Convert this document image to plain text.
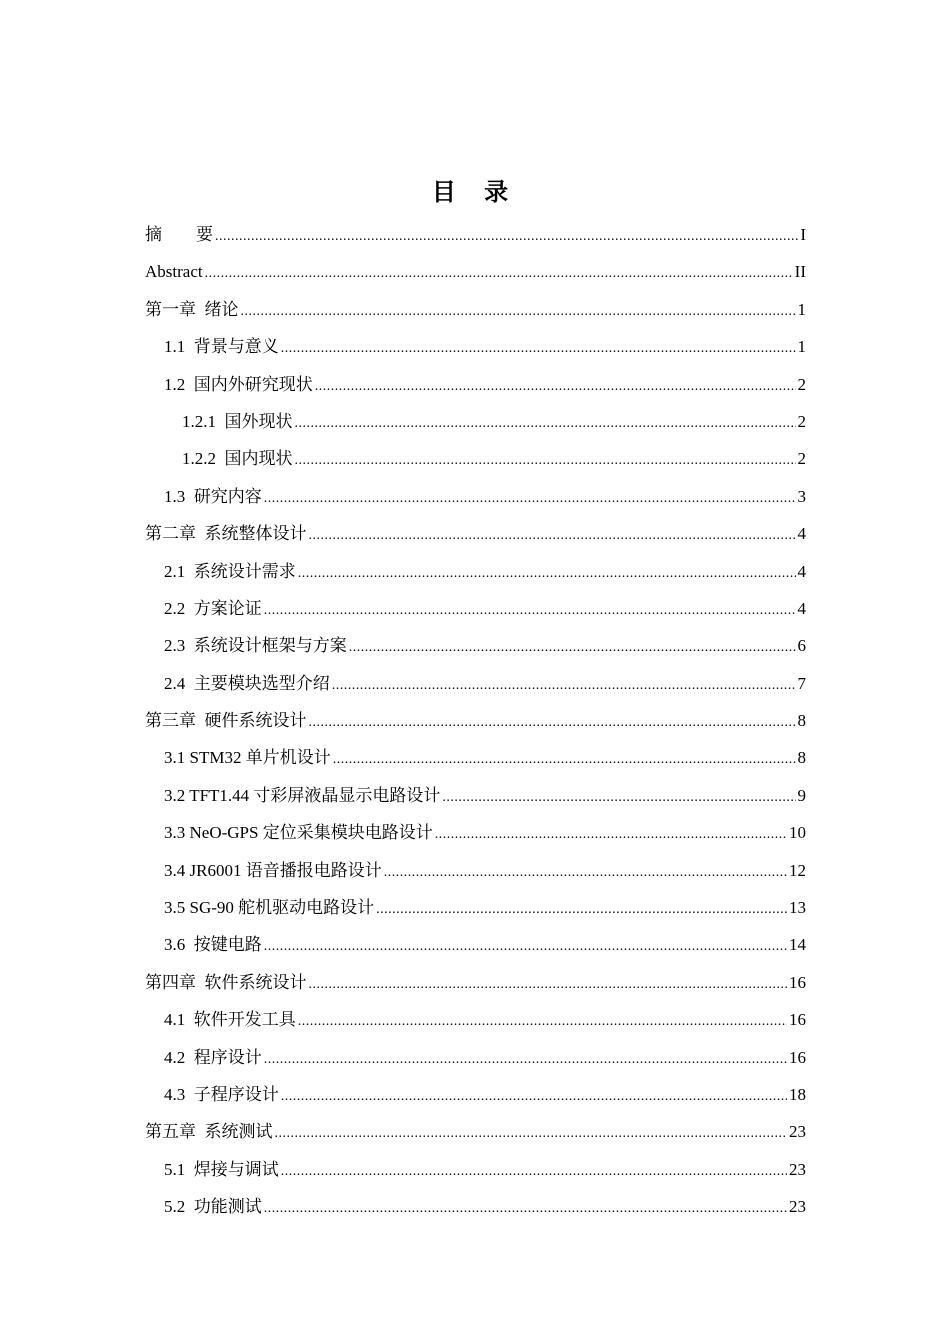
目 录
摘        要 .....	I
Abstract .....	II
第一章  绪论 .....	1
1.1  背景与意义 .....	1
1.2  国内外研究现状 .....	2
1.2.1  国外现状 .....	2
1.2.2  国内现状 .....	2
1.3  研究内容 .....	3
第二章  系统整体设计 .....	4
2.1  系统设计需求 .....	4
2.2  方案论证 .....	4
2.3  系统设计框架与方案 .....	6
2.4  主要模块选型介绍 .....	7
第三章  硬件系统设计 .....	8
3.1 STM32 单片机设计 .....	8
3.2 TFT1.44 寸彩屏液晶显示电路设计 .....	9
3.3 NeO-GPS 定位采集模块电路设计 .....	10
3.4 JR6001 语音播报电路设计 .....	12
3.5 SG-90 舵机驱动电路设计 .....	13
3.6  按键电路 .....	14
第四章  软件系统设计 .....	16
4.1  软件开发工具 .....	16
4.2  程序设计 .....	16
4.3  子程序设计 .....	18
第五章  系统测试 .....	23
5.1  焊接与调试 .....	23
5.2  功能测试 .....	23
